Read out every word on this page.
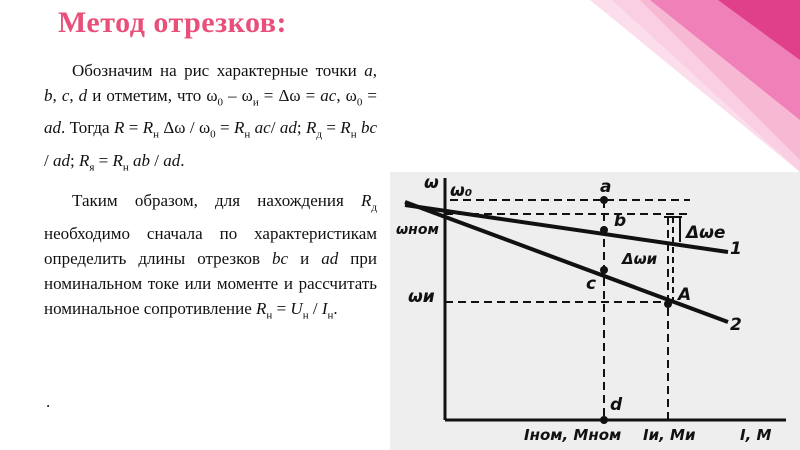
Метод отрезков:

Обозначим на рис характерные точки a, b, c, d и отметим, что $\omega_0 - \omega_и = \Delta\omega$ = ac, $\omega_0$ = ad. Тогда $R = R_н$ $\Delta\omega / \omega_0 = R_н$ ac/ ad; $R_д = R_н$ bc / ad; $R_я = R_н$ ab / ad.

Таким образом, для нахождения $R_д$ необходимо сначала по характеристикам определить длины отрезков bc и ad при номинальном токе или моменте и рассчитать номинальное сопротивление $R_н = U_н / I_н$.

.
ω ω₀
ωном
ωи
a
b
c
d
A
Δωе
Δωи	1
2
Iном, Mном Iи, Mи	I, M
